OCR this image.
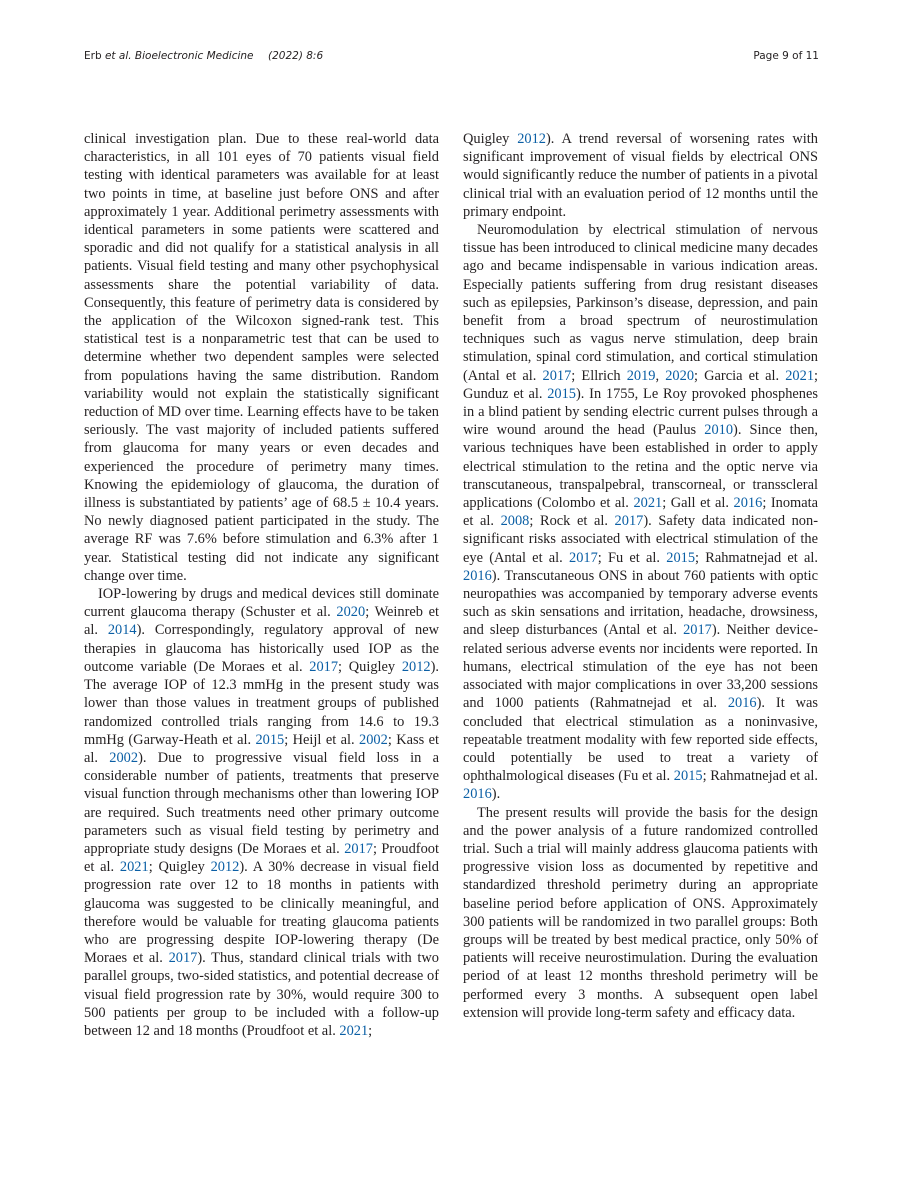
Erb et al. Bioelectronic Medicine (2022) 8:6	Page 9 of 11

clinical investigation plan. Due to these real-world data characteristics, in all 101 eyes of 70 patients visual field testing with identical parameters was available for at least two points in time, at baseline just before ONS and after approximately 1 year. Additional perimetry assessments with identical parameters in some patients were scattered and sporadic and did not qualify for a statistical analysis in all patients. Visual field testing and many other psychophysical assessments share the potential variability of data. Consequently, this feature of perimetry data is considered by the application of the Wilcoxon signed-rank test. This statistical test is a nonparametric test that can be used to determine whether two dependent samples were selected from populations having the same distribution. Random variability would not explain the statistically significant reduction of MD over time. Learning effects have to be taken seriously. The vast majority of included patients suffered from glaucoma for many years or even decades and experienced the procedure of perimetry many times. Knowing the epidemiology of glaucoma, the duration of illness is substantiated by patients’ age of 68.5 ± 10.4 years. No newly diagnosed patient participated in the study. The average RF was 7.6% before stimulation and 6.3% after 1 year. Statistical testing did not indicate any significant change over time.

IOP-lowering by drugs and medical devices still dominate current glaucoma therapy (Schuster et al. 2020; Weinreb et al. 2014). Correspondingly, regulatory approval of new therapies in glaucoma has historically used IOP as the outcome variable (De Moraes et al. 2017; Quigley 2012). The average IOP of 12.3 mmHg in the present study was lower than those values in treatment groups of published randomized controlled trials ranging from 14.6 to 19.3 mmHg (Garway-Heath et al. 2015; Heijl et al. 2002; Kass et al. 2002). Due to progressive visual field loss in a considerable number of patients, treatments that preserve visual function through mechanisms other than lowering IOP are required. Such treatments need other primary outcome parameters such as visual field testing by perimetry and appropriate study designs (De Moraes et al. 2017; Proudfoot et al. 2021; Quigley 2012). A 30% decrease in visual field progression rate over 12 to 18 months in patients with glaucoma was suggested to be clinically meaningful, and therefore would be valuable for treating glaucoma patients who are progressing despite IOP-lowering therapy (De Moraes et al. 2017). Thus, standard clinical trials with two parallel groups, two-sided statistics, and potential decrease of visual field progression rate by 30%, would require 300 to 500 patients per group to be included with a follow-up between 12 and 18 months (Proudfoot et al. 2021;

Quigley 2012). A trend reversal of worsening rates with significant improvement of visual fields by electrical ONS would significantly reduce the number of patients in a pivotal clinical trial with an evaluation period of 12 months until the primary endpoint.

Neuromodulation by electrical stimulation of nervous tissue has been introduced to clinical medicine many decades ago and became indispensable in various indication areas. Especially patients suffering from drug resistant diseases such as epilepsies, Parkinson’s disease, depression, and pain benefit from a broad spectrum of neurostimulation techniques such as vagus nerve stimulation, deep brain stimulation, spinal cord stimulation, and cortical stimulation (Antal et al. 2017; Ellrich 2019, 2020; Garcia et al. 2021; Gunduz et al. 2015). In 1755, Le Roy provoked phosphenes in a blind patient by sending electric current pulses through a wire wound around the head (Paulus 2010). Since then, various techniques have been established in order to apply electrical stimulation to the retina and the optic nerve via transcutaneous, transpalpebral, transcorneal, or transscleral applications (Colombo et al. 2021; Gall et al. 2016; Inomata et al. 2008; Rock et al. 2017). Safety data indicated non-significant risks associated with electrical stimulation of the eye (Antal et al. 2017; Fu et al. 2015; Rahmatnejad et al. 2016). Transcutaneous ONS in about 760 patients with optic neuropathies was accompanied by temporary adverse events such as skin sensations and irritation, headache, drowsiness, and sleep disturbances (Antal et al. 2017). Neither device-related serious adverse events nor incidents were reported. In humans, electrical stimulation of the eye has not been associated with major complications in over 33,200 sessions and 1000 patients (Rahmatnejad et al. 2016). It was concluded that electrical stimulation as a noninvasive, repeatable treatment modality with few reported side effects, could potentially be used to treat a variety of ophthalmological diseases (Fu et al. 2015; Rahmatnejad et al. 2016).

The present results will provide the basis for the design and the power analysis of a future randomized controlled trial. Such a trial will mainly address glaucoma patients with progressive vision loss as documented by repetitive and standardized threshold perimetry during an appropriate baseline period before application of ONS. Approximately 300 patients will be randomized in two parallel groups: Both groups will be treated by best medical practice, only 50% of patients will receive neurostimulation. During the evaluation period of at least 12 months threshold perimetry will be performed every 3 months. A subsequent open label extension will provide long-term safety and efficacy data.
